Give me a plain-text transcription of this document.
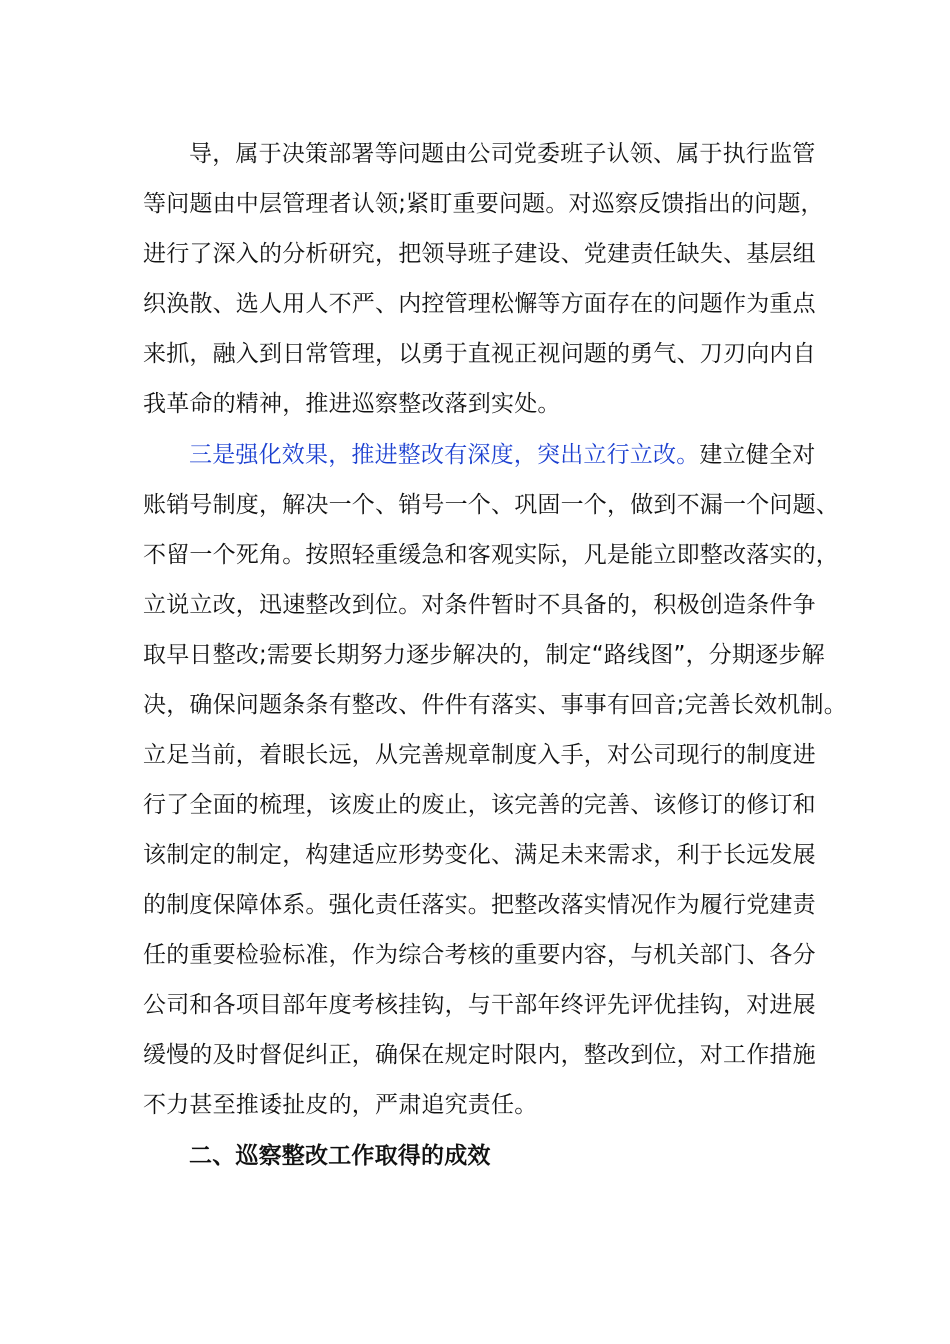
导，属于决策部署等问题由公司党委班子认领、属于执行监管
等问题由中层管理者认领;紧盯重要问题。对巡察反馈指出的问题，
进行了深入的分析研究，把领导班子建设、党建责任缺失、基层组
织涣散、选人用人不严、内控管理松懈等方面存在的问题作为重点
来抓，融入到日常管理，以勇于直视正视问题的勇气、刀刃向内自
我革命的精神，推进巡察整改落到实处。
三是强化效果，推进整改有深度，突出立行立改。建立健全对
账销号制度，解决一个、销号一个、巩固一个，做到不漏一个问题、
不留一个死角。按照轻重缓急和客观实际，凡是能立即整改落实的，
立说立改，迅速整改到位。对条件暂时不具备的，积极创造条件争
取早日整改;需要长期努力逐步解决的，制定“路线图”，分期逐步解
决，确保问题条条有整改、件件有落实、事事有回音;完善长效机制。
立足当前，着眼长远，从完善规章制度入手，对公司现行的制度进
行了全面的梳理，该废止的废止，该完善的完善、该修订的修订和
该制定的制定，构建适应形势变化、满足未来需求，利于长远发展
的制度保障体系。强化责任落实。把整改落实情况作为履行党建责
任的重要检验标准，作为综合考核的重要内容，与机关部门、各分
公司和各项目部年度考核挂钩，与干部年终评先评优挂钩，对进展
缓慢的及时督促纠正，确保在规定时限内，整改到位，对工作措施
不力甚至推诿扯皮的，严肃追究责任。
二、巡察整改工作取得的成效
